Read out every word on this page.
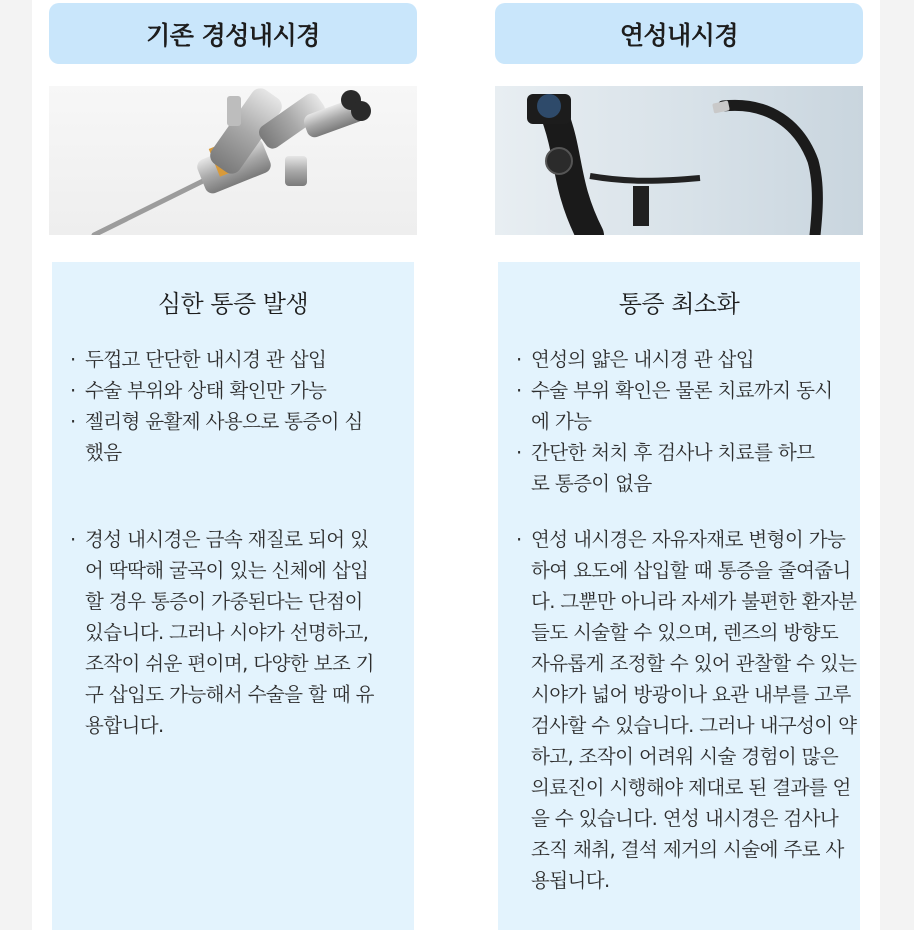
기존 경성내시경
심한 통증 발생
· 두껍고 단단한 내시경 관 삽입
· 수술 부위와 상태 확인만 가능
· 젤리형 윤활제 사용으로 통증이 심했음
· 경성 내시경은 금속 재질로 되어 있어 딱딱해 굴곡이 있는 신체에 삽입할 경우 통증이 가중된다는 단점이 있습니다. 그러나 시야가 선명하고, 조작이 쉬운 편이며, 다양한 보조 기구 삽입도 가능해서 수술을 할 때 유용합니다.
연성내시경
통증 최소화
· 연성의 얇은 내시경 관 삽입
· 수술 부위 확인은 물론 치료까지 동시에 가능
· 간단한 처치 후 검사나 치료를 하므로 통증이 없음
· 연성 내시경은 자유자재로 변형이 가능하여 요도에 삽입할 때 통증을 줄여줍니다. 그뿐만 아니라 자세가 불편한 환자분들도 시술할 수 있으며, 렌즈의 방향도 자유롭게 조정할 수 있어 관찰할 수 있는 시야가 넓어 방광이나 요관 내부를 고루 검사할 수 있습니다. 그러나 내구성이 약하고, 조작이 어려워 시술 경험이 많은 의료진이 시행해야 제대로 된 결과를 얻을 수 있습니다. 연성 내시경은 검사나 조직 채취, 결석 제거의 시술에 주로 사용됩니다.
